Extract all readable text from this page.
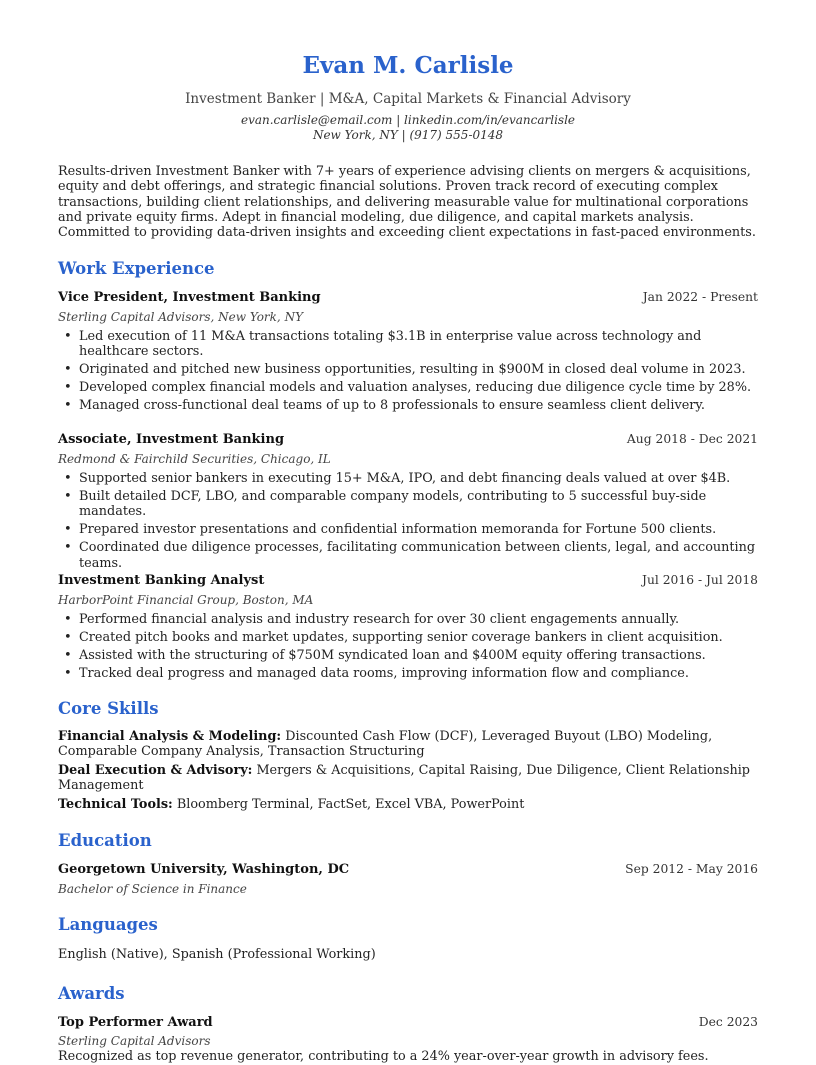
Evan M. Carlisle
Investment Banker | M&A, Capital Markets & Financial Advisory
evan.carlisle@email.com | linkedin.com/in/evancarlisle
New York, NY | (917) 555-0148
Results-driven Investment Banker with 7+ years of experience advising clients on mergers & acquisitions, equity and debt offerings, and strategic financial solutions. Proven track record of executing complex transactions, building client relationships, and delivering measurable value for multinational corporations and private equity firms. Adept in financial modeling, due diligence, and capital markets analysis. Committed to providing data-driven insights and exceeding client expectations in fast-paced environments.
Work Experience
Vice President, Investment Banking	Jan 2022 - Present
Sterling Capital Advisors, New York, NY
• Led execution of 11 M&A transactions totaling $3.1B in enterprise value across technology and healthcare sectors.
• Originated and pitched new business opportunities, resulting in $900M in closed deal volume in 2023.
• Developed complex financial models and valuation analyses, reducing due diligence cycle time by 28%.
• Managed cross-functional deal teams of up to 8 professionals to ensure seamless client delivery.
Associate, Investment Banking	Aug 2018 - Dec 2021
Redmond & Fairchild Securities, Chicago, IL
• Supported senior bankers in executing 15+ M&A, IPO, and debt financing deals valued at over $4B.
• Built detailed DCF, LBO, and comparable company models, contributing to 5 successful buy-side mandates.
• Prepared investor presentations and confidential information memoranda for Fortune 500 clients.
• Coordinated due diligence processes, facilitating communication between clients, legal, and accounting teams.
Investment Banking Analyst	Jul 2016 - Jul 2018
HarborPoint Financial Group, Boston, MA
• Performed financial analysis and industry research for over 30 client engagements annually.
• Created pitch books and market updates, supporting senior coverage bankers in client acquisition.
• Assisted with the structuring of $750M syndicated loan and $400M equity offering transactions.
• Tracked deal progress and managed data rooms, improving information flow and compliance.
Core Skills
Financial Analysis & Modeling: Discounted Cash Flow (DCF), Leveraged Buyout (LBO) Modeling, Comparable Company Analysis, Transaction Structuring
Deal Execution & Advisory: Mergers & Acquisitions, Capital Raising, Due Diligence, Client Relationship Management
Technical Tools: Bloomberg Terminal, FactSet, Excel VBA, PowerPoint
Education
Georgetown University, Washington, DC	Sep 2012 - May 2016
Bachelor of Science in Finance
Languages
English (Native), Spanish (Professional Working)
Awards
Top Performer Award	Dec 2023
Sterling Capital Advisors
Recognized as top revenue generator, contributing to a 24% year-over-year growth in advisory fees.
